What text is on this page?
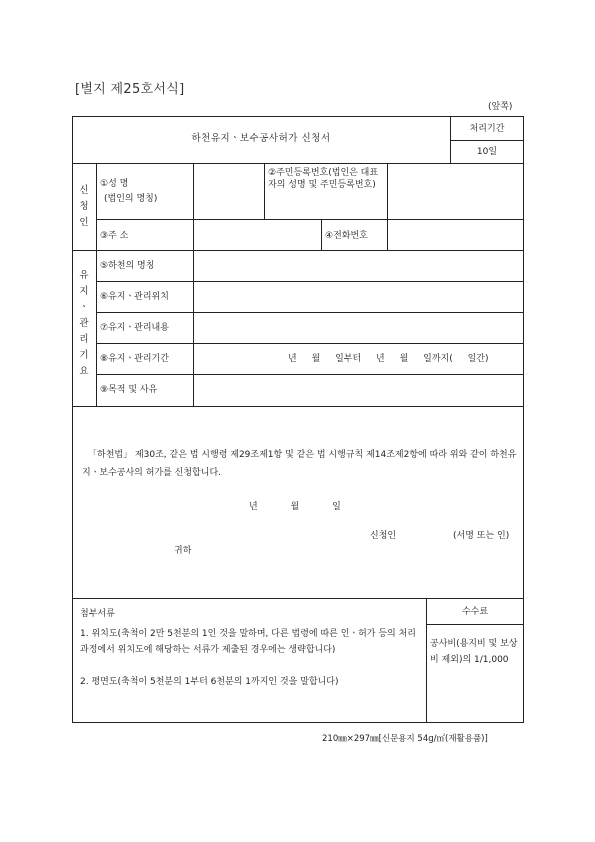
[별지 제25호서식]
(앞쪽)
하천유지ㆍ보수공사허가 신청서
처리기간
10일
신청인
①성 명
(법인의 명칭)
②주민등록번호(법인은 대표자의 성명 및 주민등록번호)
③주 소	④전화번호
유지ㆍ관리기요
⑤하천의 명칭
⑥유지ㆍ관리위치
⑦유지ㆍ관리내용
⑧유지ㆍ관리기간	년 월 일부터 년 월 일까지( 일간)
⑨목적 및 사유
「하천법」 제30조, 같은 법 시행령 제29조제1항 및 같은 법 시행규칙 제14조제2항에 따라 위와 같이 하천유지ㆍ보수공사의 허가를 신청합니다.
년 월 일
신청인	(서명 또는 인)
귀하
첨부서류
1. 위치도(축척이 2만 5천분의 1인 것을 말하며, 다른 법령에 따른 인ㆍ허가 등의 처리과정에서 위치도에 해당하는 서류가 제출된 경우에는 생략합니다)
2. 평면도(축척이 5천분의 1부터 6천분의 1까지인 것을 말합니다)
수수료
공사비(용지비 및 보상비 제외)의 1/1,000
210㎜×297㎜[신문용지 54g/㎡(재활용품)]
